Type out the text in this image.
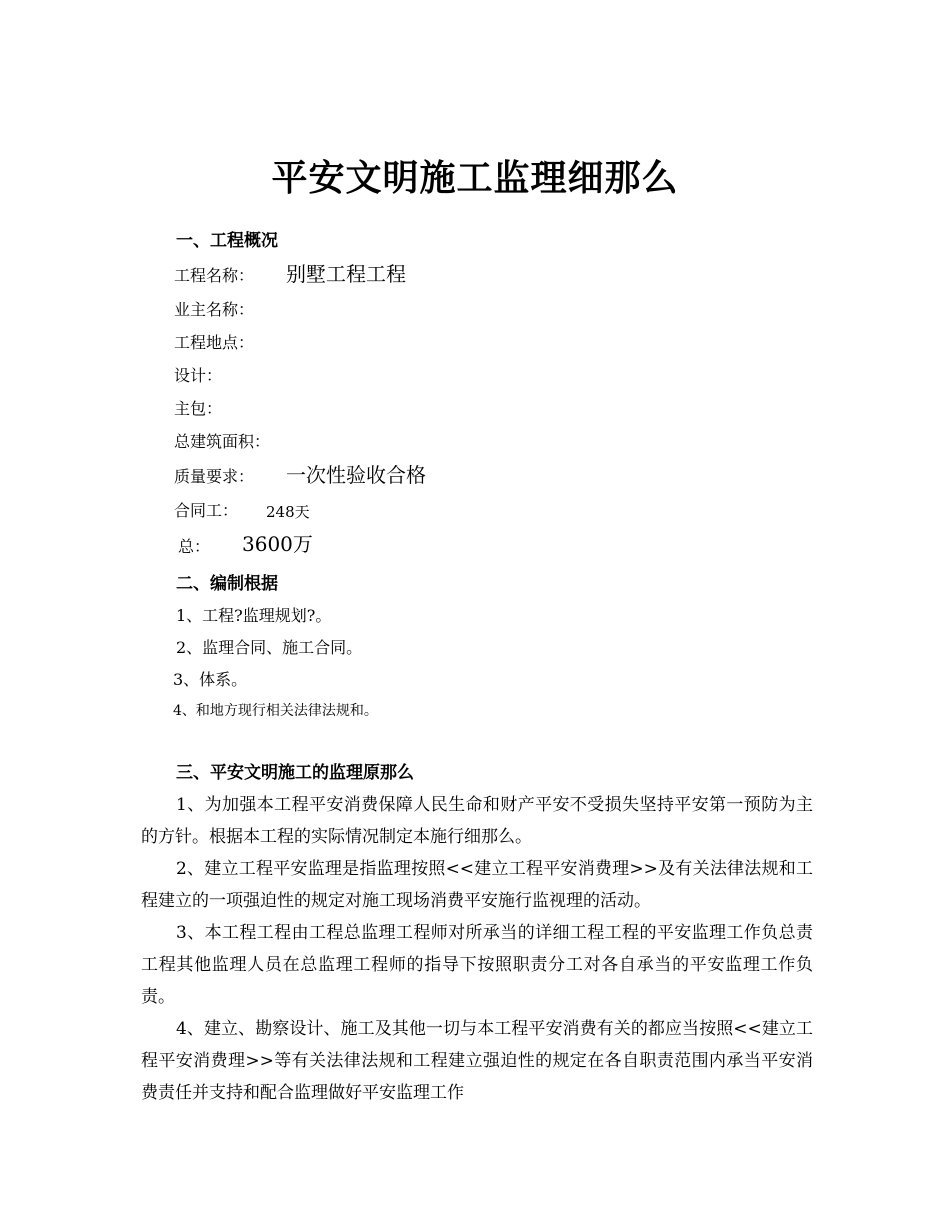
平安文明施工监理细那么
一、工程概况
工程名称： 别墅工程工程
业主名称：
工程地点：
设计：
主包：
总建筑面积：
质量要求： 一次性验收合格
合同工： 248天
总： 3600万
二、编制根据
1、工程?监理规划?。
2、监理合同、施工合同。
3、体系。
4、和地方现行相关法律法规和。
三、平安文明施工的监理原那么

1、为加强本工程平安消费保障人民生命和财产平安不受损失坚持平安第一预防为主的方针。根据本工程的实际情况制定本施行细那么。

2、建立工程平安监理是指监理按照<<建立工程平安消费理>>及有关法律法规和工程建立的一项强迫性的规定对施工现场消费平安施行监视理的活动。

3、本工程工程由工程总监理工程师对所承当的详细工程工程的平安监理工作负总责工程其他监理人员在总监理工程师的指导下按照职责分工对各自承当的平安监理工作负责。

4、建立、勘察设计、施工及其他一切与本工程平安消费有关的都应当按照<<建立工程平安消费理>>等有关法律法规和工程建立强迫性的规定在各自职责范围内承当平安消费责任并支持和配合监理做好平安监理工作
